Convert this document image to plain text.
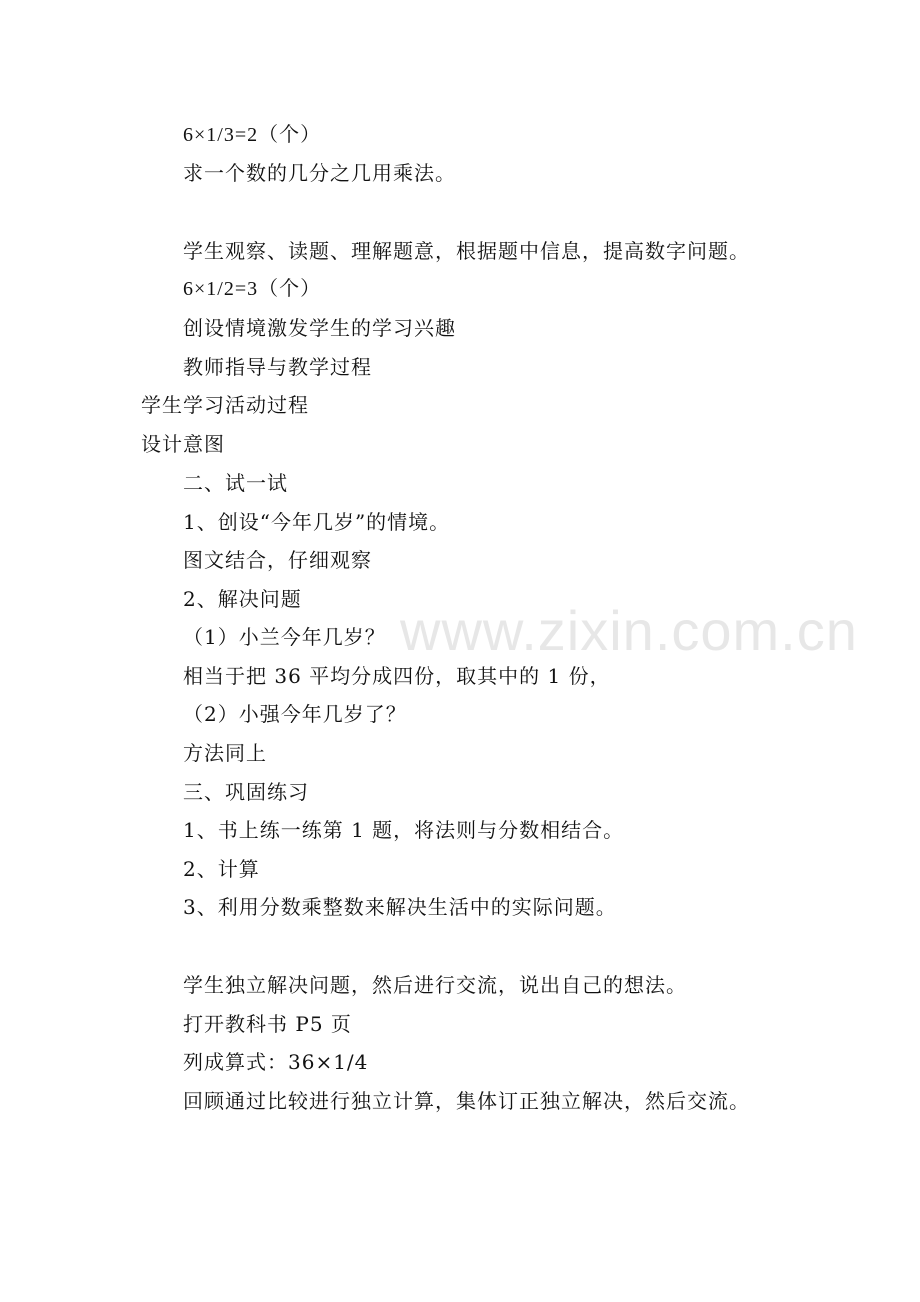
6×1/3=2（个）
求一个数的几分之几用乘法。
学生观察、读题、理解题意，根据题中信息，提高数字问题。
6×1/2=3（个）
创设情境激发学生的学习兴趣
教师指导与教学过程
学生学习活动过程
设计意图
二、试一试
1、创设“今年几岁”的情境。
图文结合，仔细观察
2、解决问题
（1）小兰今年几岁？
相当于把 36 平均分成四份，取其中的 1 份，
（2）小强今年几岁了？
方法同上
三、巩固练习
1、书上练一练第 1 题，将法则与分数相结合。
2、计算
3、利用分数乘整数来解决生活中的实际问题。
学生独立解决问题，然后进行交流，说出自己的想法。
打开教科书 P5 页
列成算式：36×1/4
回顾通过比较进行独立计算，集体订正独立解决，然后交流。
www.zixin.com.cn
